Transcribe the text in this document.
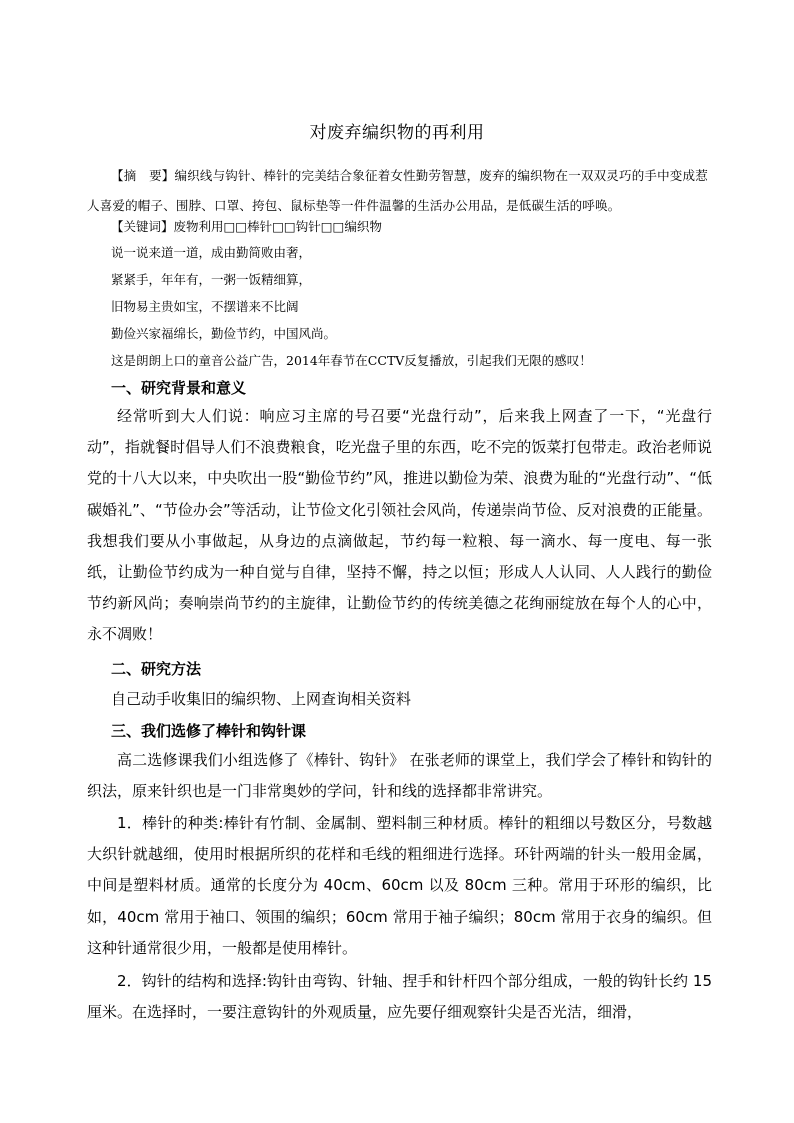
对废弃编织物的再利用
【摘　要】编织线与钩针、棒针的完美结合象征着女性勤劳智慧，废弃的编织物在一双双灵巧的手中变成惹人喜爱的帽子、围脖、口罩、挎包、鼠标垫等一件件温馨的生活办公用品，是低碳生活的呼唤。
【关键词】废物利用□□棒针□□钩针□□编织物
说一说来道一道，成由勤简败由奢，
紧紧手，年年有，一粥一饭精细算，
旧物易主贵如宝，不摆谱来不比阔
勤俭兴家福绵长，勤俭节约，中国风尚。
这是朗朗上口的童音公益广告，2014年春节在CCTV反复播放，引起我们无限的感叹！
一、研究背景和意义
经常听到大人们说：响应习主席的号召要“光盘行动”，后来我上网查了一下，“光盘行动”，指就餐时倡导人们不浪费粮食，吃光盘子里的东西，吃不完的饭菜打包带走。政治老师说 党的十八大以来，中央吹出一股“勤俭节约”风，推进以勤俭为荣、浪费为耻的“光盘行动”、“低碳婚礼”、“节俭办会”等活动，让节俭文化引领社会风尚，传递崇尚节俭、反对浪费的正能量。我想我们要从小事做起，从身边的点滴做起，节约每一粒粮、每一滴水、每一度电、每一张纸，让勤俭节约成为一种自觉与自律，坚持不懈，持之以恒；形成人人认同、人人践行的勤俭节约新风尚；奏响崇尚节约的主旋律，让勤俭节约的传统美德之花绚丽绽放在每个人的心中，永不凋败！
二、研究方法
自己动手收集旧的编织物、上网查询相关资料
三、我们选修了棒针和钩针课
高二选修课我们小组选修了《棒针、钩针》 在张老师的课堂上，我们学会了棒针和钩针的织法，原来针织也是一门非常奥妙的学问，针和线的选择都非常讲究。
1．棒针的种类:棒针有竹制、金属制、塑料制三种材质。棒针的粗细以号数区分，号数越大织针就越细，使用时根据所织的花样和毛线的粗细进行选择。环针两端的针头一般用金属，中间是塑料材质。通常的长度分为 40cm、60cm 以及 80cm 三种。常用于环形的编织，比如，40cm 常用于袖口、领围的编织；60cm 常用于袖子编织；80cm 常用于衣身的编织。但这种针通常很少用，一般都是使用棒针。
2．钩针的结构和选择:钩针由弯钩、针轴、捏手和针杆四个部分组成，一般的钩针长约 15 厘米。在选择时，一要注意钩针的外观质量，应先要仔细观察针尖是否光洁，细滑，
